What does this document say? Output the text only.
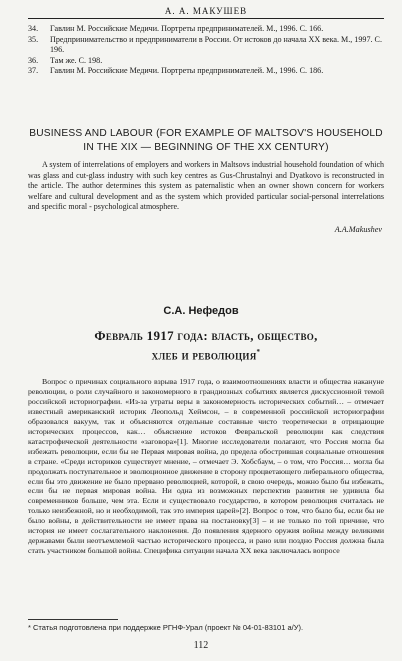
А. А. МАКУШЕВ
34.	Гавлин М. Российские Медичи. Портреты предпринимателей. М., 1996. С. 166.
35.	Предпринимательство и предприниматели в России. От истоков до начала XX века. М., 1997. С. 196.
36.	Там же. С. 198.
37.	Гавлин М. Российские Медичи. Портреты предпринимателей. М., 1996. С. 186.
BUSINESS AND LABOUR (FOR EXAMPLE OF MALTSOV'S HOUSEHOLD IN THE XIX — BEGINNING OF THE XX CENTURY)
A system of interrelations of employers and workers in Maltsovs industrial household foundation of which was glass and cut-glass industry with such key centres as Gus-Chrustalnyi and Dyatkovo is reconstructed in the article. The author determines this system as paternalistic when an owner shown concern for workers welfare and cultural development and as the system which provided particular social-personal interrelations and specific moral - psychological atmosphere.
A.A.Makushev
С.А. Нефедов
Февраль 1917 года: власть, общество,
хлеб и революция*

Вопрос о причинах социального взрыва 1917 года, о взаимоотношениях власти и общества накануне революции, о роли случайного и закономерного в грандиозных событиях является дискуссионной темой российской историографии. «Из-за утраты веры в закономерность исторических событий… – отмечает известный американский историк Леопольд Хеймсон, – в современной российской историографии образовался вакуум, так и объясняются отдельные составные чисто теоретически в отрицающие исторических процессов, как… объяснение истоков Февральской революции как следствия катастрофической деятельности «заговора»[1]. Многие исследователи полагают, что Россия могла бы избежать революции, если бы не Первая мировая война, до предела обострившая социальные отношения в стране. «Среди историков существует мнение, – отмечает Э. Хобсбаум, – о том, что Россия… могла бы продолжать поступательное и эволюционное движение в сторону процветающего либерального общества, если бы это движение не было прервано революцией, которой, в свою очередь, можно было бы избежать, если бы не первая мировая война. Ни одна из возможных перспектив развития не удивила бы современников больше, чем эта. Если и существовало государство, в котором революция считалась не только неизбежной, но и необходимой, так это империя царей»[2]. Вопрос о том, что было бы, если бы не было войны, в действительности не имеет права на постановку[3] – и не только по той причине, что история не имеет сослагательного наклонения. До появления ядерного оружия войны между великими державами были неотъемлемой частью исторического процесса, и рано или поздно Россия должна была стать участником большой войны. Специфика ситуации начала XX века заключалась вопросе

* Статья подготовлена при поддержке РГНФ-Урал (проект № 04-01-83101 а/У).
112
